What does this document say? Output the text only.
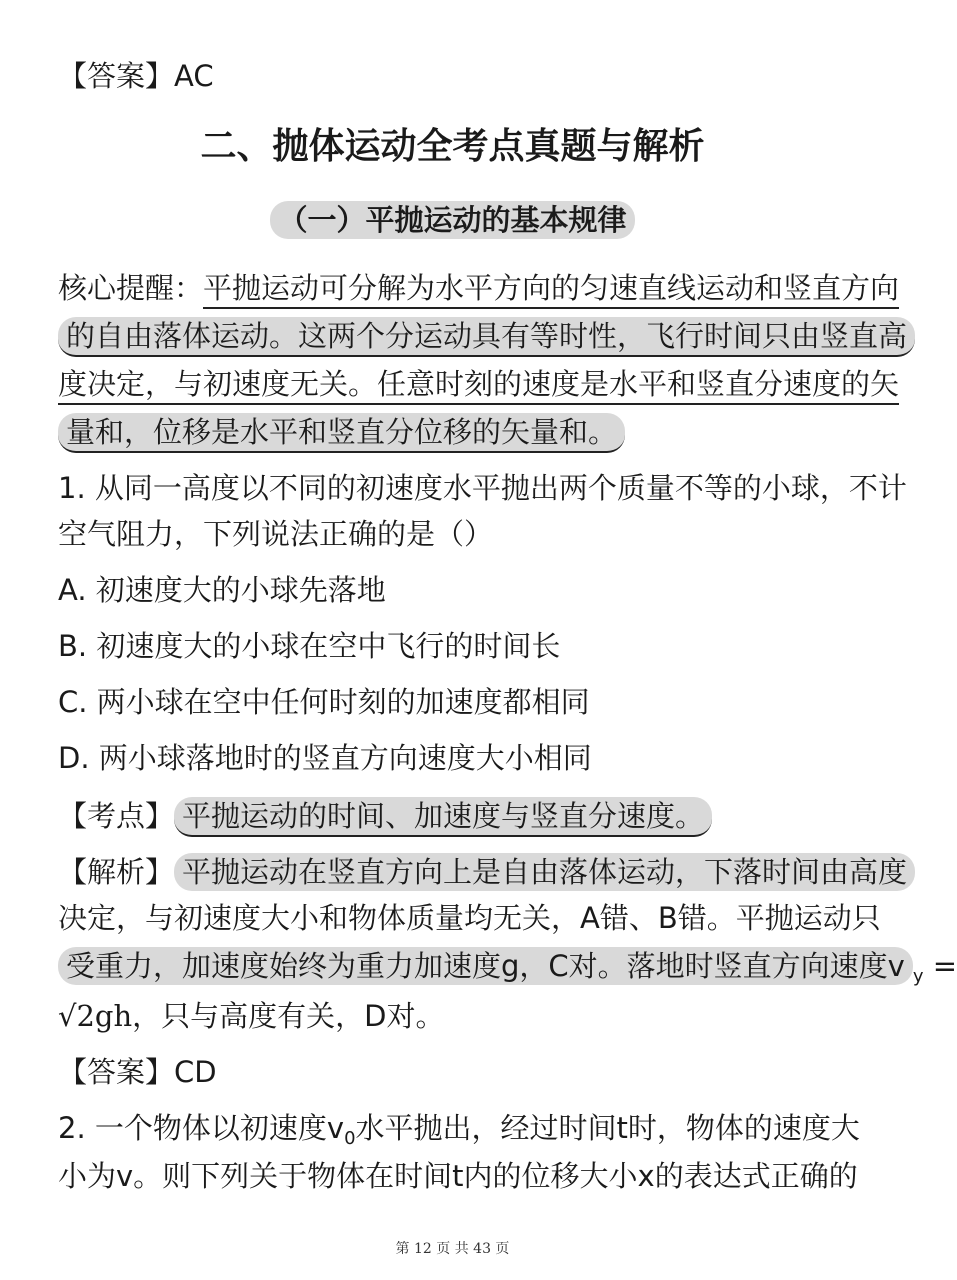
【答案】AC
二、抛体运动全考点真题与解析
（一）平抛运动的基本规律
核心提醒：平抛运动可分解为水平方向的匀速直线运动和竖直方向
的自由落体运动。这两个分运动具有等时性，飞行时间只由竖直高
度决定，与初速度无关。任意时刻的速度是水平和竖直分速度的矢
量和，位移是水平和竖直分位移的矢量和。
1. 从同一高度以不同的初速度水平抛出两个质量不等的小球，不计
空气阻力，下列说法正确的是（）
A. 初速度大的小球先落地
B. 初速度大的小球在空中飞行的时间长
C. 两小球在空中任何时刻的加速度都相同
D. 两小球落地时的竖直方向速度大小相同
【考点】 平抛运动的时间、加速度与竖直分速度。
【解析】 平抛运动在竖直方向上是自由落体运动，下落时间由高度
决定，与初速度大小和物体质量均无关，A错、B错。平抛运动只
受重力，加速度始终为重力加速度g，C对。落地时竖直方向速度v $_y$ =
√2gh，只与高度有关，D对。
【答案】CD
2. 一个物体以初速度$v_0$水平抛出，经过时间t时，物体的速度大
小为v。则下列关于物体在时间t内的位移大小x的表达式正确的
第 12 页 共 43 页
